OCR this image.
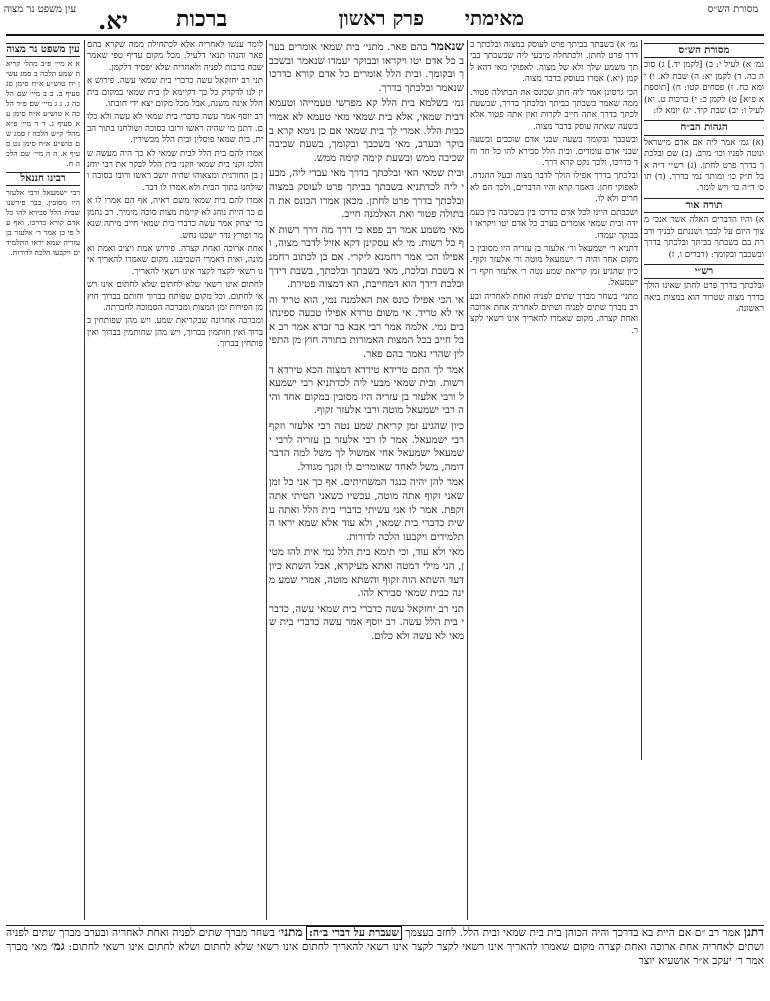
מסורת הש״ס
מאימתי
פרק ראשון
ברכות
יא.
עין משפט נר מצוה
מסורת הש״ס

גמ׳ א) לעיל י: ב) [לקמן יד.] ג) סוכה כה. ד) לקמן יא: ה) שבת לא. ו) יומא כח. ז) פסחים קטו: ח) [תוספתא פ״א] ט) לקמן כ: י) ברכות ט. יא) לעיל ו: יב) שבת קיד. יג) יומא לו:

הגהות הב״ח

(א) גמ׳ אמר ליה אם אדם מישראל ונוטה לפניו וכו׳ מרב. (ב) שם ובלכתך בדרך פרט לחתן. (ג) רש״י ד״ה אבל ת״ק כו׳ ומותר נמי בדרך. (ד) תוס׳ ד״ה כו׳ ויש לומר.

תורה אור

א) והיו הדברים האלה אשר אנכי מצוך היום על לבבך ושננתם לבניך ודברת בם בשבתך בביתך ובלכתך בדרך ובשכבך ובקומך: (דברים ו, ז)

רש״י

ובלכתך בדרך פרט לחתן שאינו הולך בדרך מצוה שטרוד הוא במצות ביאה ראשונה.

גמ׳ א) בשבתך בביתך פרט לעוסק במצוה ובלכתך בדרך פרט לחתן. ולכתחלה מיבעי ליה שבשבתך בביתך משמע שלך ולא של מצוה. לאפוקי מאי דהא לקמן (יא.) אמרו בעוסק בדבר מצוה.

הכי גרסינן אמר ליה חתן שכונס את הבתולה פטור. ממה שאמר בשבתך בביתך ובלכתך בדרך, שבשעת לכתך בדרך אתה חייב לקרות ואין אתה פטור אלא בשעה שאתה עוסק בדבר מצוה.

ובשכבך ובקומך בשעה שבני אדם שוכבים ובשעה שבני אדם עומדים. ובית הלל סבירא להו כל חד וחד כדרכו, ולכך נקט קרא דרך.

ובלכתך בדרך אפילו הולך לדבר מצוה ובעל ההגדה. לאפוקי חתן. דאמר קרא והיו הדברים, ולכך הם לאחרים ולא לו.

ושכבתם היינו לכל אדם כדרכו בין בשכיבה בין בעמידה ובית שמאי אומרים בערב כל אדם יטו ויקראו ובבוקר יעמדו.

דתניא ר׳ ישמעאל ור׳ אלעזר בן עזריה היו מסובין במקום אחד והיה ר׳ ישמעאל מוטה ור׳ אלעזר זקוף. כיון שהגיע זמן קריאת שמע נטה ר׳ אלעזר וזקף ר׳ ישמעאל.

מתני׳ בשחר מברך שתים לפניה ואחת לאחריה ובערב מברך שתים לפניה ושתים לאחריה אחת ארוכה ואחת קצרה. מקום שאמרו להאריך אינו רשאי לקצר.

שנאמר בהם פאר. מתני׳ בית שמאי אומרים בערב כל אדם יטו ויקראו ובבוקר יעמדו שנאמר ובשכבך ובקומך. ובית הלל אומרים כל אדם קורא כדרכו שנאמר ובלכתך בדרך.

גמ׳ בשלמא בית הלל קא מפרשי טעמייהו וטעמא דבית שמאי, אלא בית שמאי מאי טעמא לא אמרי כבית הלל. אמרי לך בית שמאי אם כן נימא קרא בבוקר ובערב, מאי בשכבך ובקומך, בשעת שכיבה שכיבה ממש ובשעת קימה קימה ממש.

ובית שמאי האי ובלכתך בדרך מאי עבדי ליה, מבעי ליה לכדתניא בשבתך בביתך פרט לעוסק במצוה ובלכתך בדרך פרט לחתן. מכאן אמרו הכונס את הבתולה פטור ואת האלמנה חייב.

מאי משמע אמר רב פפא כי דרך מה דרך רשות אף כל רשות. מי לא עסקינן דקא אזיל לדבר מצוה, ואפילו הכי אמר רחמנא ליקרי. אם כן לכתוב רחמנא בשבת ובלכת, מאי בשבתך ובלכתך, בשבת דידך ובלכת דידך הוא דמחייבת, הא דמצוה פטירת.

אי הכי אפילו כונס את האלמנה נמי, הוא טריד והאי לא טריד. אי משום טרדא אפילו טבעה ספינתו בים נמי. אלמה אמר רבי אבא בר זבדא אמר רב אבל חייב בכל המצות האמורות בתורה חוץ מן התפילין שהרי נאמר בהם פאר.

אמר לך התם טרידא טירדא דמצוה הכא טירדא דרשות. ובית שמאי מבעי ליה לכדתניא רבי ישמעאל ורבי אלעזר בן עזריה היו מסובין במקום אחד והיה רבי ישמעאל מוטה ורבי אלעזר זקוף.

כיון שהגיע זמן קריאת שמע נטה רבי אלעזר וזקף רבי ישמעאל. אמר לו רבי אלעזר בן עזריה לרבי ישמעאל ישמעאל אחי אמשול לך משל למה הדבר דומה, משל לאחד שאומרים לו זקנך מגודל.

אמר להן יהיה כנגד המשחיתים. אף כך אני כל זמן שאני זקוף אתה מוטה, עכשיו כשאני הטיתי אתה זקפת. אמר לו אני עשיתי כדברי בית הלל ואתה עשית כדברי בית שמאי, ולא עוד אלא שמא יראו התלמידים ויקבעו הלכה לדורות.

מאי ולא עוד, וכי תימא בית הלל נמי אית להו מטין, הני מילי דמטה ואתא מעיקרא, אבל השתא כיון דעד השתא הוה זקוף והשתא מוטה, אמרי שמע מינה כבית שמאי סבירא להו.

תני רב יחזקאל עשה כדברי בית שמאי עשה, כדברי בית הלל עשה. רב יוסף אמר עשה כדברי בית שמאי לא עשה ולא כלום.

לומר ענשו לאחריה אלא לכתחילה ממה שקרא בהם פאר והנהו תנאי דלעיל. מכל מקום עדיף טפי שאמר שבח ברכות לפניה ולאחריה שלא יפסיד דלקמן.

תני רב יחזקאל עשה כדברי בית שמאי עשה. פירוש אין לנו לדקדק כל כך דקיימא לן בית שמאי במקום בית הלל אינה משנה, אבל מכל מקום יצא ידי חובתו.

רב יוסף אמר עשה כדברי בית שמאי לא עשה ולא כלום. דתנן מי שהיה ראשו ורובו בסוכה ושולחנו בתוך הבית, בית שמאי פוסלין ובית הלל מכשירין.

אמרו להם בית הלל לבית שמאי לא כך היה מעשה שהלכו זקני בית שמאי וזקני בית הלל לבקר את רבי יוחנן בן החורנית ומצאוהו שהיה יושב ראשו ורובו בסוכה ושולחנו בתוך הבית ולא אמרו לו דבר.

אמרו להם בית שמאי משם ראיה, אף הם אמרו לו אם כך היית נוהג לא קיימת מצות סוכה מימיך. רב נחמן בר יצחק אמר עשה כדברי בית שמאי חייב מיתה שנאמר ופורץ גדר ישכנו נחש.

אחת ארוכה ואחת קצרה. פירוש אמת ויציב ואמת ואמונה, ואית דאמרי השכיבנו. מקום שאמרו להאריך אינו רשאי לקצר לקצר אינו רשאי להאריך.

לחתום אינו רשאי שלא לחתום שלא לחתום אינו רשאי לחתום. וכל מקום שפותח בברוך וחותם בברוך חוץ מן הפירות ומן המצות ומברכה הסמוכה לחברתה.

ומברכה אחרונה שבקריאת שמע. ויש מהן שפותחין בברוך ואין חותמין בברוך, ויש מהן שחותמין בברוך ואין פותחין בברוך.

עין משפט נר מצוה

א א מיי׳ פ״ב מהל׳ קריאת שמע הלכה ב סמג עשין יח טוש״ע א״ח סימן סג סעיף ב. ב ב מיי׳ שם הלכה ג. ג ג מיי׳ שם פ״ד הלכה א טוש״ע א״ח סימן עא סעיף ג. ד ד מיי׳ פ״א מהל׳ ק״ש הלכה ז סמג שם טוש״ע א״ח סימן נט סעיף א. ה ה מיי׳ שם הלכה ח.

רבינו חננאל

רבי ישמעאל ורבי אלעזר היו מסובין. כבר פירשנו שבית הלל סבירא להו כל אדם קורא כדרכו, ואף על פי כן אמר ר׳ אלעזר בן עזריה שמא יראו התלמידים ויקבעו הלכה לדורות.

דתנן אמר רב ״ם אם היית בא בדרכך והיה הכוהן בית בית שמאי ובית הלל. לחזב בעצמך שעברת על דברי ב״ה: מתני׳ בשחר מברך שתים לפניה ואחת לאחריה ובערב מברך שתים לפניה ושתים לאחריה אחת ארוכה ואחת קצרה מקום שאמרו להאריך אינו רשאי לקצר לקצר אינו רשאי להאריך לחתום אינו רשאי שלא לחתום ושלא לחתום אינו רשאי לחתום: גמ׳ מאי מברך אמר ר׳ יעקב א״ר אושעיא יוצר
